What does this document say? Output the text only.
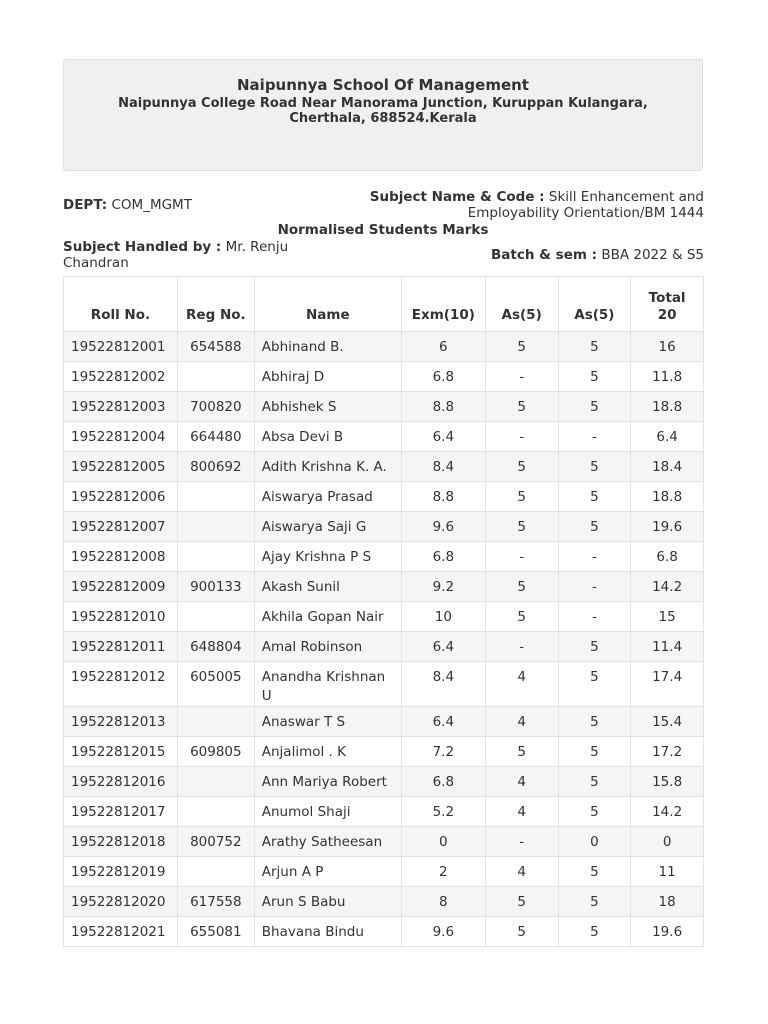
Naipunnya School Of Management
Naipunnya College Road Near Manorama Junction, Kuruppan Kulangara, Cherthala, 688524.Kerala
DEPT: COM_MGMT	Subject Name & Code : Skill Enhancement and Employability Orientation/BM 1444
Normalised Students Marks
Subject Handled by : Mr. Renju Chandran	Batch & sem : BBA 2022 & S5
Roll No.	Reg No.	Name	Exm(10)	As(5)	As(5)	Total 20
19522812001	654588	Abhinand B.	6	5	5	16
19522812002		Abhiraj D	6.8	-	5	11.8
19522812003	700820	Abhishek S	8.8	5	5	18.8
19522812004	664480	Absa Devi B	6.4	-	-	6.4
19522812005	800692	Adith Krishna K. A.	8.4	5	5	18.4
19522812006		Aiswarya Prasad	8.8	5	5	18.8
19522812007		Aiswarya Saji G	9.6	5	5	19.6
19522812008		Ajay Krishna P S	6.8	-	-	6.8
19522812009	900133	Akash Sunil	9.2	5	-	14.2
19522812010		Akhila Gopan Nair	10	5	-	15
19522812011	648804	Amal Robinson	6.4	-	5	11.4
19522812012	605005	Anandha Krishnan U	8.4	4	5	17.4
19522812013		Anaswar T S	6.4	4	5	15.4
19522812015	609805	Anjalimol . K	7.2	5	5	17.2
19522812016		Ann Mariya Robert	6.8	4	5	15.8
19522812017		Anumol Shaji	5.2	4	5	14.2
19522812018	800752	Arathy Satheesan	0	-	0	0
19522812019		Arjun A P	2	4	5	11
19522812020	617558	Arun S Babu	8	5	5	18
19522812021	655081	Bhavana Bindu	9.6	5	5	19.6
